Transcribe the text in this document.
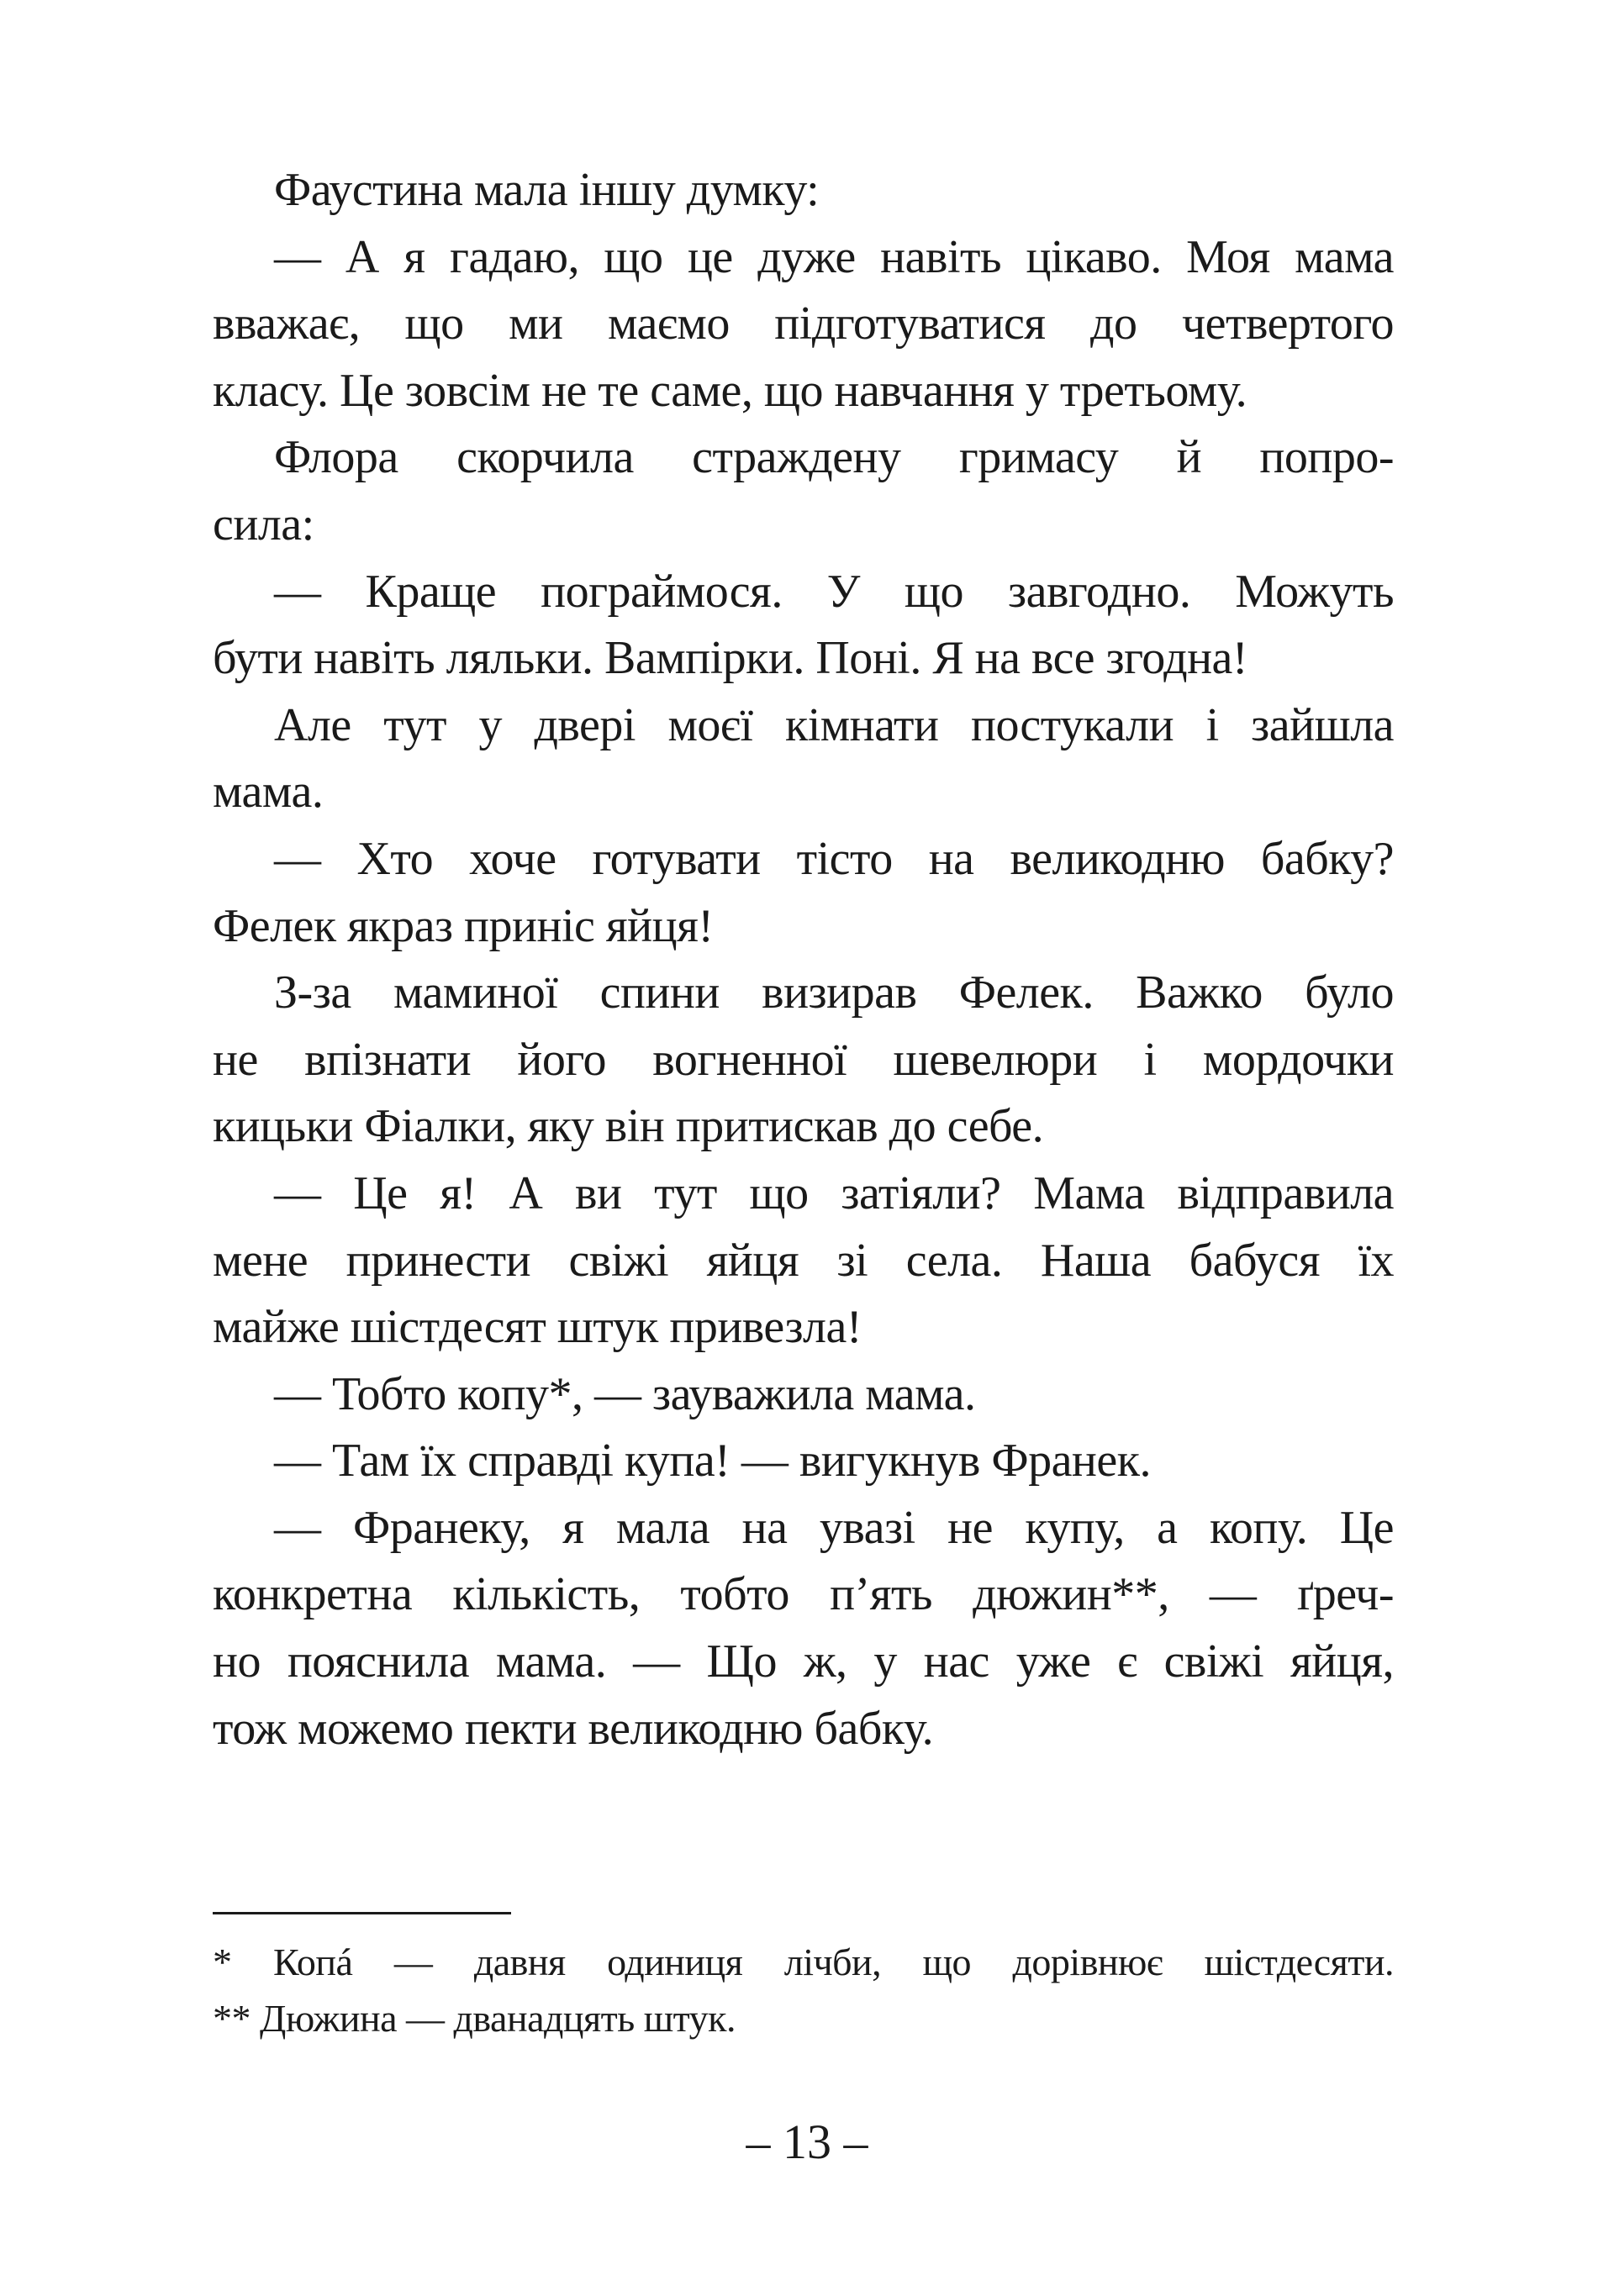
Фаустина мала іншу думку:
— А я гадаю, що це дуже навіть цікаво. Моя мама
вважає, що ми маємо підготуватися до четвертого
класу. Це зовсім не те саме, що навчання у третьому.
Флора скорчила страждену гримасу й попро-
сила:
— Краще пограймося. У що завгодно. Можуть
бути навіть ляльки. Вампірки. Поні. Я на все згодна!
Але тут у двері моєї кімнати постукали і зайшла
мама.
— Хто хоче готувати тісто на великодню бабку?
Фелек якраз приніс яйця!
З-за маминої спини визирав Фелек. Важко було
не впізнати його вогненної шевелюри і мордочки
кицьки Фіалки, яку він притискав до себе.
— Це я! А ви тут що затіяли? Мама відправила
мене принести свіжі яйця зі села. Наша бабуся їх
майже шістдесят штук привезла!
— Тобто копу*, — зауважила мама.
— Там їх справді купа! — вигукнув Франек.
— Франеку, я мала на увазі не купу, а копу. Це
конкретна кількість, тобто п’ять дюжин**, — ґреч-
но пояснила мама. — Що ж, у нас уже є свіжі яйця,
тож можемо пекти великодню бабку.
* Копá — давня одиниця лічби, що дорівнює шістдесяти.
** Дюжина — дванадцять штук.
– 13 –
